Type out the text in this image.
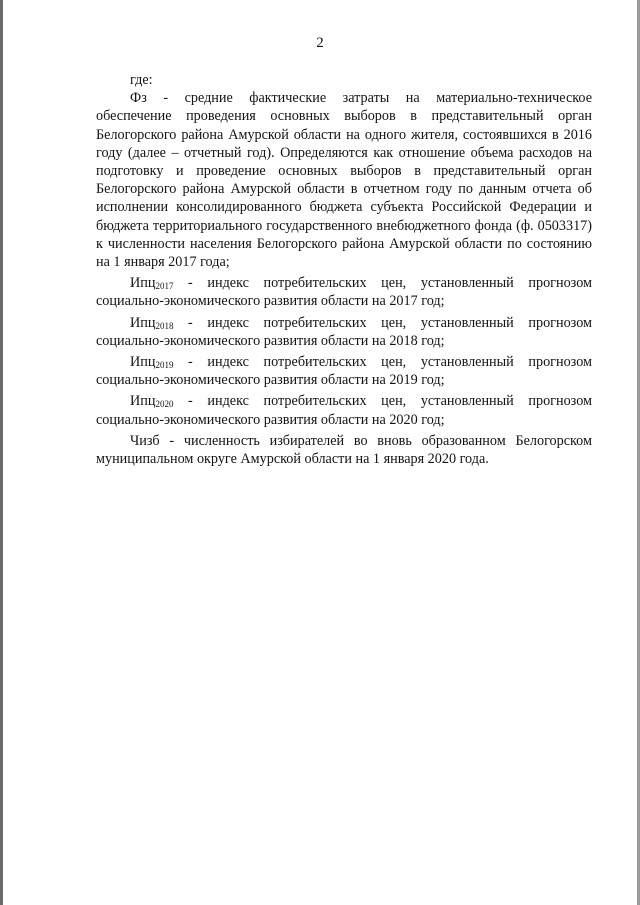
2
где:

Фз - средние фактические затраты на материально-техническое обеспечение проведения основных выборов в представительный орган Белогорского района Амурской области на одного жителя, состоявшихся в 2016 году (далее – отчетный год). Определяются как отношение объема расходов на подготовку и проведение основных выборов в представительный орган Белогорского района Амурской области в отчетном году по данным отчета об исполнении консолидированного бюджета субъекта Российской Федерации и бюджета территориального государственного внебюджетного фонда (ф. 0503317) к численности населения Белогорского района Амурской области по состоянию на 1 января 2017 года;

Ипц$_{2017}$ - индекс потребительских цен, установленный прогнозом социально-экономического развития области на 2017 год;

Ипц$_{2018}$ - индекс потребительских цен, установленный прогнозом социально-экономического развития области на 2018 год;

Ипц$_{2019}$ - индекс потребительских цен, установленный прогнозом социально-экономического развития области на 2019 год;

Ипц$_{2020}$ - индекс потребительских цен, установленный прогнозом социально-экономического развития области на 2020 год;

Чизб - численность избирателей во вновь образованном Белогорском муниципальном округе Амурской области на 1 января 2020 года.
